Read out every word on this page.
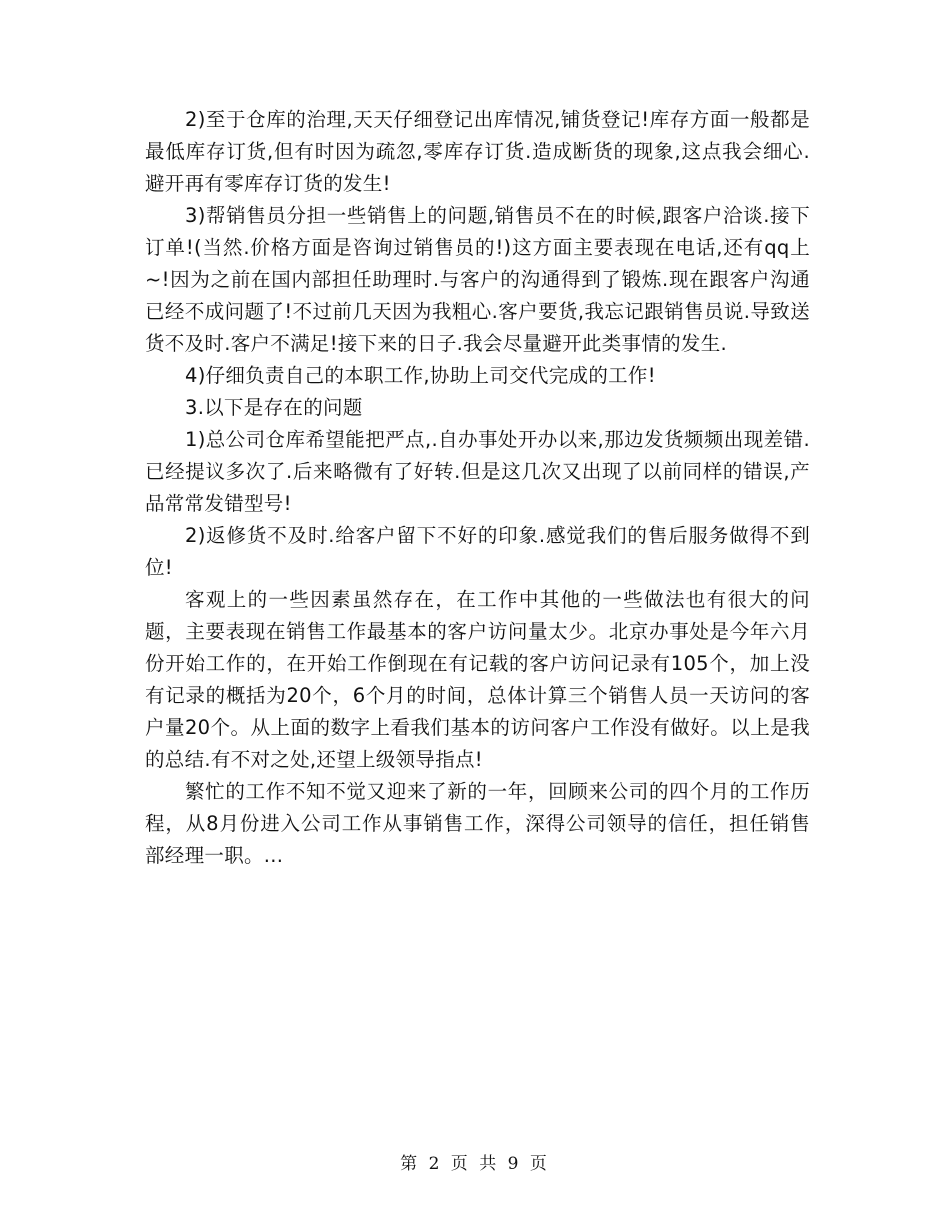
2)至于仓库的治理,天天仔细登记出库情况,铺货登记!库存方面一般都是最低库存订货,但有时因为疏忽,零库存订货.造成断货的现象,这点我会细心.避开再有零库存订货的发生!

3)帮销售员分担一些销售上的问题,销售员不在的时候,跟客户洽谈.接下订单!(当然.价格方面是咨询过销售员的!)这方面主要表现在电话,还有qq上~!因为之前在国内部担任助理时.与客户的沟通得到了锻炼.现在跟客户沟通已经不成问题了!不过前几天因为我粗心.客户要货,我忘记跟销售员说.导致送货不及时.客户不满足!接下来的日子.我会尽量避开此类事情的发生.

4)仔细负责自己的本职工作,协助上司交代完成的工作!

3.以下是存在的问题

1)总公司仓库希望能把严点,.自办事处开办以来,那边发货频频出现差错.已经提议多次了.后来略微有了好转.但是这几次又出现了以前同样的错误,产品常常发错型号!

2)返修货不及时.给客户留下不好的印象.感觉我们的售后服务做得不到位!

客观上的一些因素虽然存在，在工作中其他的一些做法也有很大的问题，主要表现在销售工作最基本的客户访问量太少。北京办事处是今年六月份开始工作的，在开始工作倒现在有记载的客户访问记录有105个，加上没有记录的概括为20个，6个月的时间，总体计算三个销售人员一天访问的客户量20个。从上面的数字上看我们基本的访问客户工作没有做好。以上是我的总结.有不对之处,还望上级领导指点!

繁忙的工作不知不觉又迎来了新的一年，回顾来公司的四个月的工作历程，从8月份进入公司工作从事销售工作，深得公司领导的信任，担任销售部经理一职。...

第 2 页 共 9 页
